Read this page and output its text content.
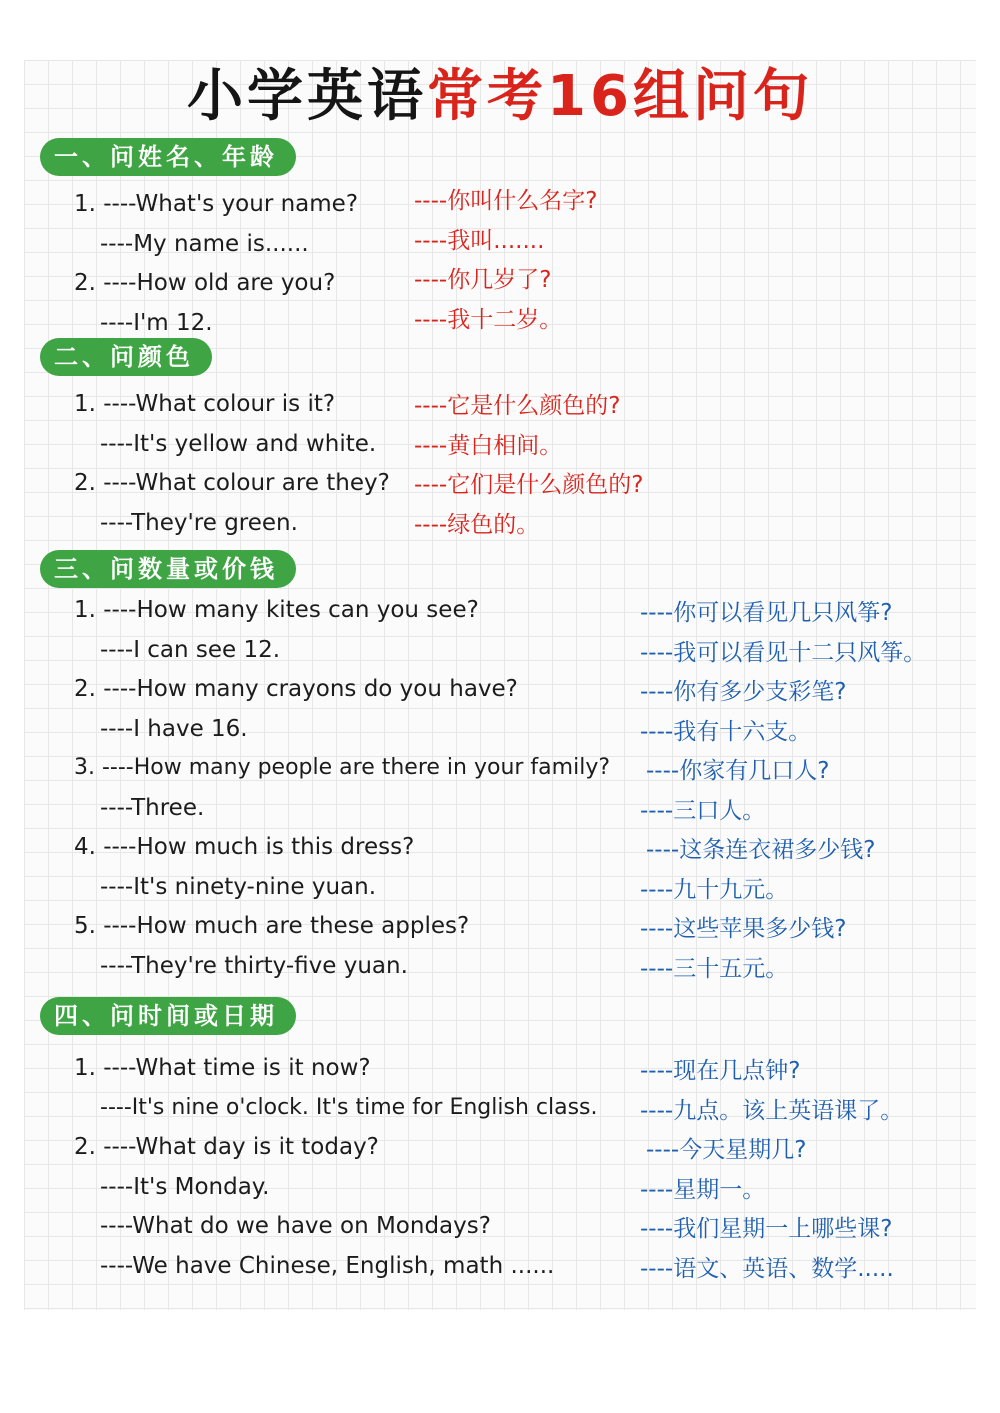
小学英语常考16组问句
一、问姓名、年龄
1. ----What's your name? ----你叫什么名字?
----My name is......	----我叫.......
2. ----How old are you?	----你几岁了?
----I'm 12.	----我十二岁。
二、问颜色
1. ----What colour is it?	----它是什么颜色的?
----It's yellow and white. ----黄白相间。
2. ----What colour are they? ----它们是什么颜色的?
----They're green.	----绿色的。
三、问数量或价钱
1. ----How many kites can you see?	----你可以看见几只风筝?
----I can see 12.	----我可以看见十二只风筝。
2. ----How many crayons do you have?	----你有多少支彩笔?
----I have 16.	----我有十六支。
3. ----How many people are there in your family? ----你家有几口人?
----Three.	----三口人。
4. ----How much is this dress?	----这条连衣裙多少钱?
----It's ninety-nine yuan.	----九十九元。
5. ----How much are these apples?	----这些苹果多少钱?
----They're thirty-five yuan.	----三十五元。
四、问时间或日期
1. ----What time is it now?	----现在几点钟?
----It's nine o'clock. It's time for English class. ----九点。该上英语课了。
2. ----What day is it today?	----今天星期几?
----It's Monday.	----星期一。
----What do we have on Mondays?	----我们星期一上哪些课?
----We have Chinese, English, math ......	----语文、英语、数学.....
